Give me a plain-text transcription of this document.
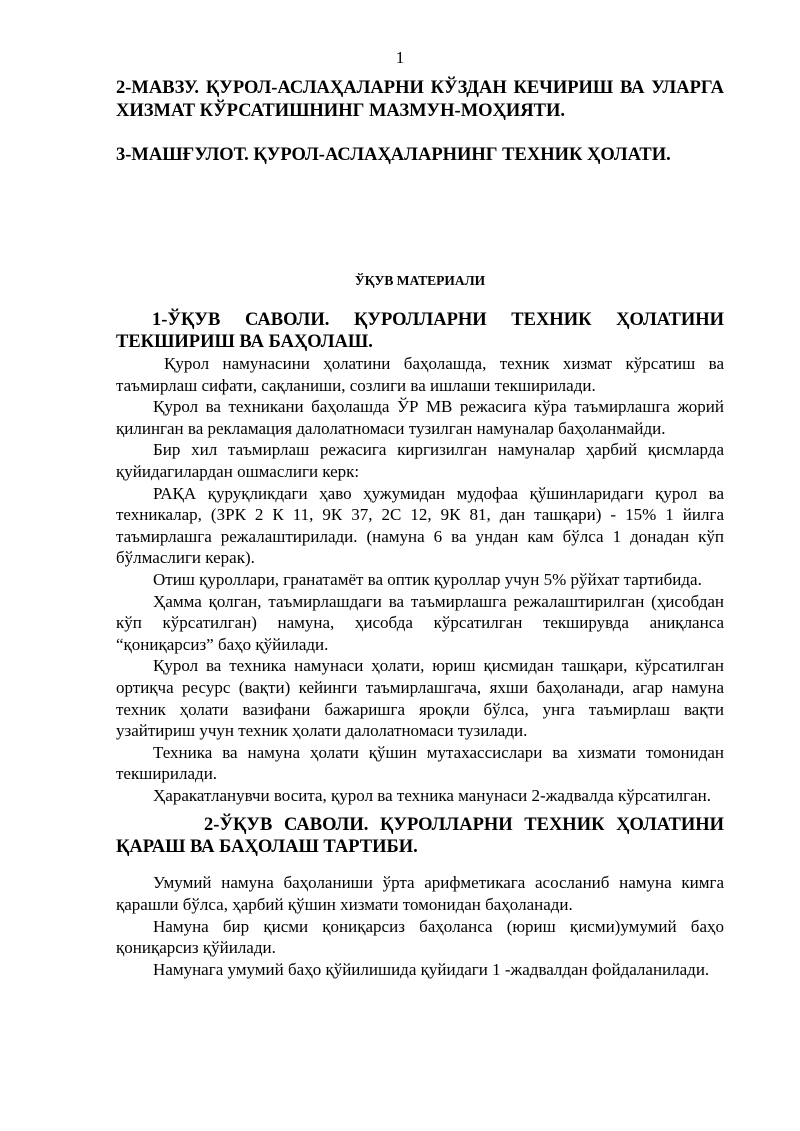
1
2-МАВЗУ. ҚУРОЛ-АСЛАҲАЛАРНИ КЎЗДАН КЕЧИРИШ ВА УЛАРГА ХИЗМАТ КЎРСАТИШНИНГ МАЗМУН-МОҲИЯТИ.
3-МАШҒУЛОТ. ҚУРОЛ-АСЛАҲАЛАРНИНГ ТЕХНИК ҲОЛАТИ.
ЎҚУВ МАТЕРИАЛИ

1-ЎҚУВ САВОЛИ. ҚУРОЛЛАРНИ ТЕХНИК ҲОЛАТИНИ ТЕКШИРИШ ВА БАҲОЛАШ.

Қурол намунасини ҳолатини баҳолашда, техник хизмат кўрсатиш ва таъмирлаш сифати, сақланиши, созлиги ва ишлаши текширилади.

Қурол ва техникани баҳолашда ЎР МВ режасига кўра таъмирлашга жорий қилинган ва рекламация далолатномаси тузилган намуналар баҳоланмайди.

Бир хил таъмирлаш режасига киргизилган намуналар ҳарбий қисмларда қуйидагилардан ошмаслиги керк:

РАҚА қуруқликдаги ҳаво ҳужумидан мудофаа қўшинларидаги қурол ва техникалар, (ЗРК 2 К 11, 9К 37, 2С 12, 9К 81, дан ташқари) - 15% 1 йилга таъмирлашга режалаштирилади. (намуна 6 ва ундан кам бўлса 1 донадан кўп бўлмаслиги керак).

Отиш қуроллари, гранатамёт ва оптик қуроллар учун 5% рўйхат тартибида.

Ҳамма қолган, таъмирлашдаги ва таъмирлашга режалаштирилган (ҳисобдан кўп кўрсатилган) намуна, ҳисобда кўрсатилган текширувда аниқланса “қониқарсиз” баҳо қўйилади.

Қурол ва техника намунаси ҳолати, юриш қисмидан ташқари, кўрсатилган ортиқча ресурс (вақти) кейинги таъмирлашгача, яхши баҳоланади, агар намуна техник ҳолати вазифани бажаришга яроқли бўлса, унга таъмирлаш вақти узайтириш учун техник ҳолати далолатномаси тузилади.

Техника ва намуна ҳолати қўшин мутахассислари ва хизмати томонидан текширилади.

Ҳаракатланувчи восита, қурол ва техника манунаси 2-жадвалда кўрсатилган.

2-ЎҚУВ САВОЛИ. ҚУРОЛЛАРНИ ТЕХНИК ҲОЛАТИНИ ҚАРАШ ВА БАҲОЛАШ ТАРТИБИ.

Умумий намуна баҳоланиши ўрта арифметикага асосланиб намуна кимга қарашли бўлса, ҳарбий қўшин хизмати томонидан баҳоланади.

Намуна бир қисми қониқарсиз баҳоланса (юриш қисми)умумий баҳо қониқарсиз қўйилади.

Намунага умумий баҳо қўйилишида қуйидаги 1 -жадвалдан фойдаланилади.
